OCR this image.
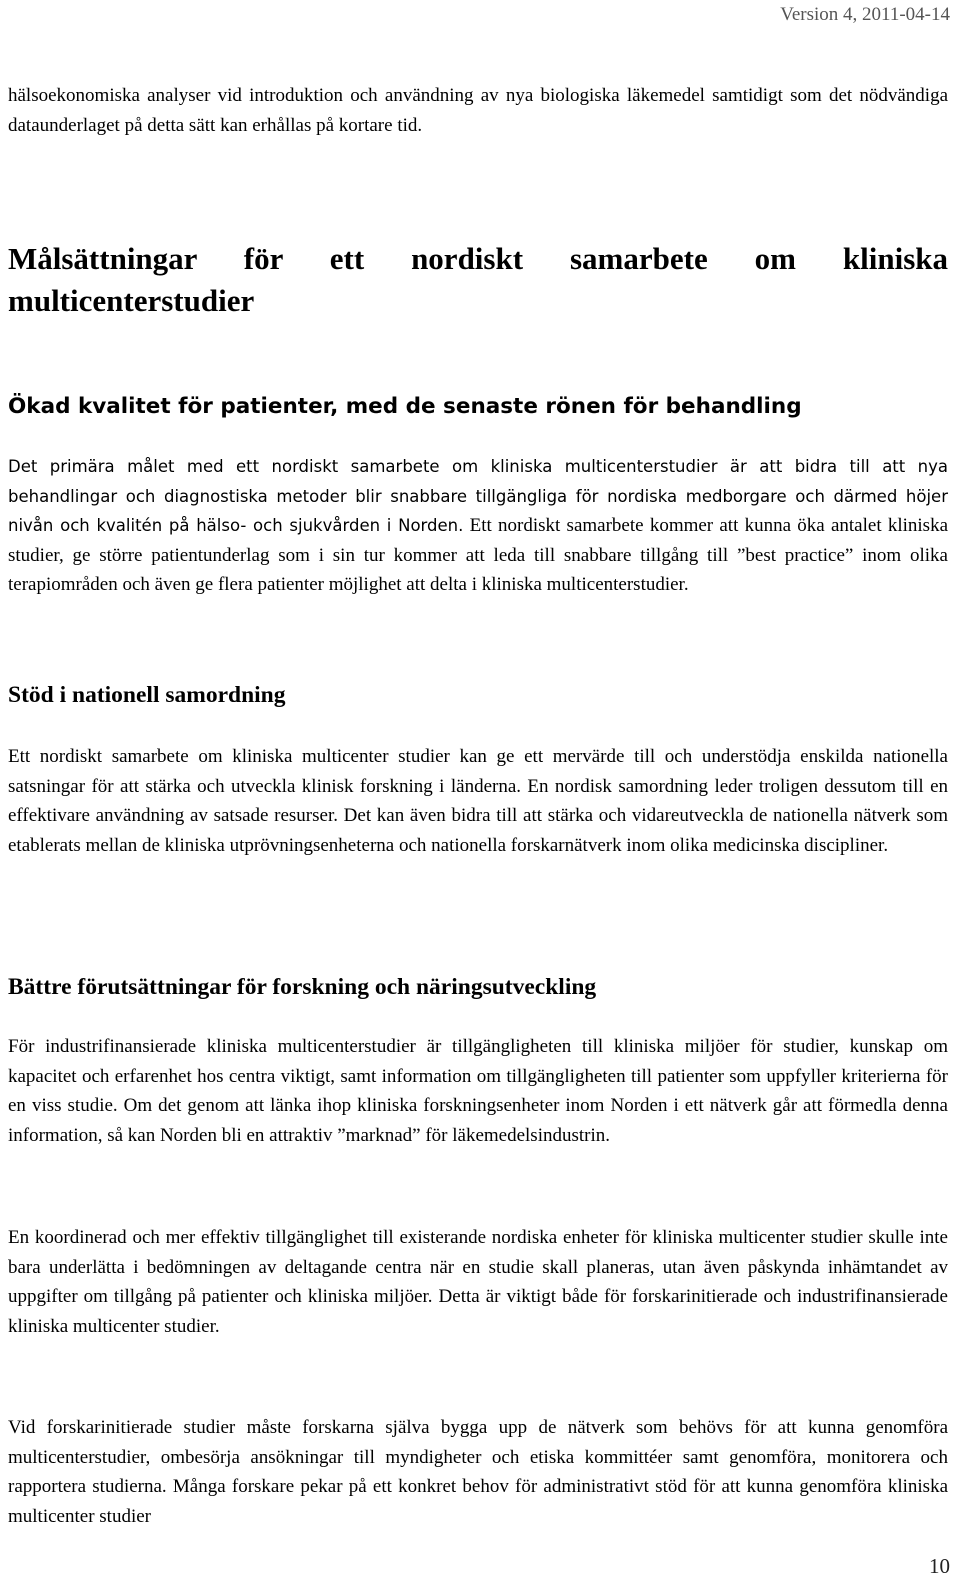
Version 4, 2011-04-14
hälsoekonomiska analyser vid introduktion och användning av nya biologiska läkemedel samtidigt som det nödvändiga dataunderlaget på detta sätt kan erhållas på kortare tid.
Målsättningar för ett nordiskt samarbete om kliniska
multicenterstudier
Ökad kvalitet för patienter, med de senaste rönen för behandling
Det primära målet med ett nordiskt samarbete om kliniska multicenterstudier är att bidra till att nya behandlingar och diagnostiska metoder blir snabbare tillgängliga för nordiska medborgare och därmed höjer nivån och kvalitén på hälso- och sjukvården i Norden. Ett nordiskt samarbete kommer att kunna öka antalet kliniska studier, ge större patientunderlag som i sin tur kommer att leda till snabbare tillgång till ”best practice” inom olika terapiområden och även ge flera patienter möjlighet att delta i kliniska multicenterstudier.
Stöd i nationell samordning
Ett nordiskt samarbete om kliniska multicenter studier kan ge ett mervärde till och understödja enskilda nationella satsningar för att stärka och utveckla klinisk forskning i länderna. En nordisk samordning leder troligen dessutom till en effektivare användning av satsade resurser. Det kan även bidra till att stärka och vidareutveckla de nationella nätverk som etablerats mellan de kliniska utprövningsenheterna och nationella forskarnätverk inom olika medicinska discipliner.
Bättre förutsättningar för forskning och näringsutveckling
För industrifinansierade kliniska multicenterstudier är tillgängligheten till kliniska miljöer för studier, kunskap om kapacitet och erfarenhet hos centra viktigt, samt information om tillgängligheten till patienter som uppfyller kriterierna för en viss studie. Om det genom att länka ihop kliniska forskningsenheter inom Norden i ett nätverk går att förmedla denna information, så kan Norden bli en attraktiv ”marknad” för läkemedelsindustrin.
En koordinerad och mer effektiv tillgänglighet till existerande nordiska enheter för kliniska multicenter studier skulle inte bara underlätta i bedömningen av deltagande centra när en studie skall planeras, utan även påskynda inhämtandet av uppgifter om tillgång på patienter och kliniska miljöer. Detta är viktigt både för forskarinitierade och industrifinansierade kliniska multicenter studier.
Vid forskarinitierade studier måste forskarna själva bygga upp de nätverk som behövs för att kunna genomföra multicenterstudier, ombesörja ansökningar till myndigheter och etiska kommittéer samt genomföra, monitorera och rapportera studierna. Många forskare pekar på ett konkret behov för administrativt stöd för att kunna genomföra kliniska multicenter studier
10
